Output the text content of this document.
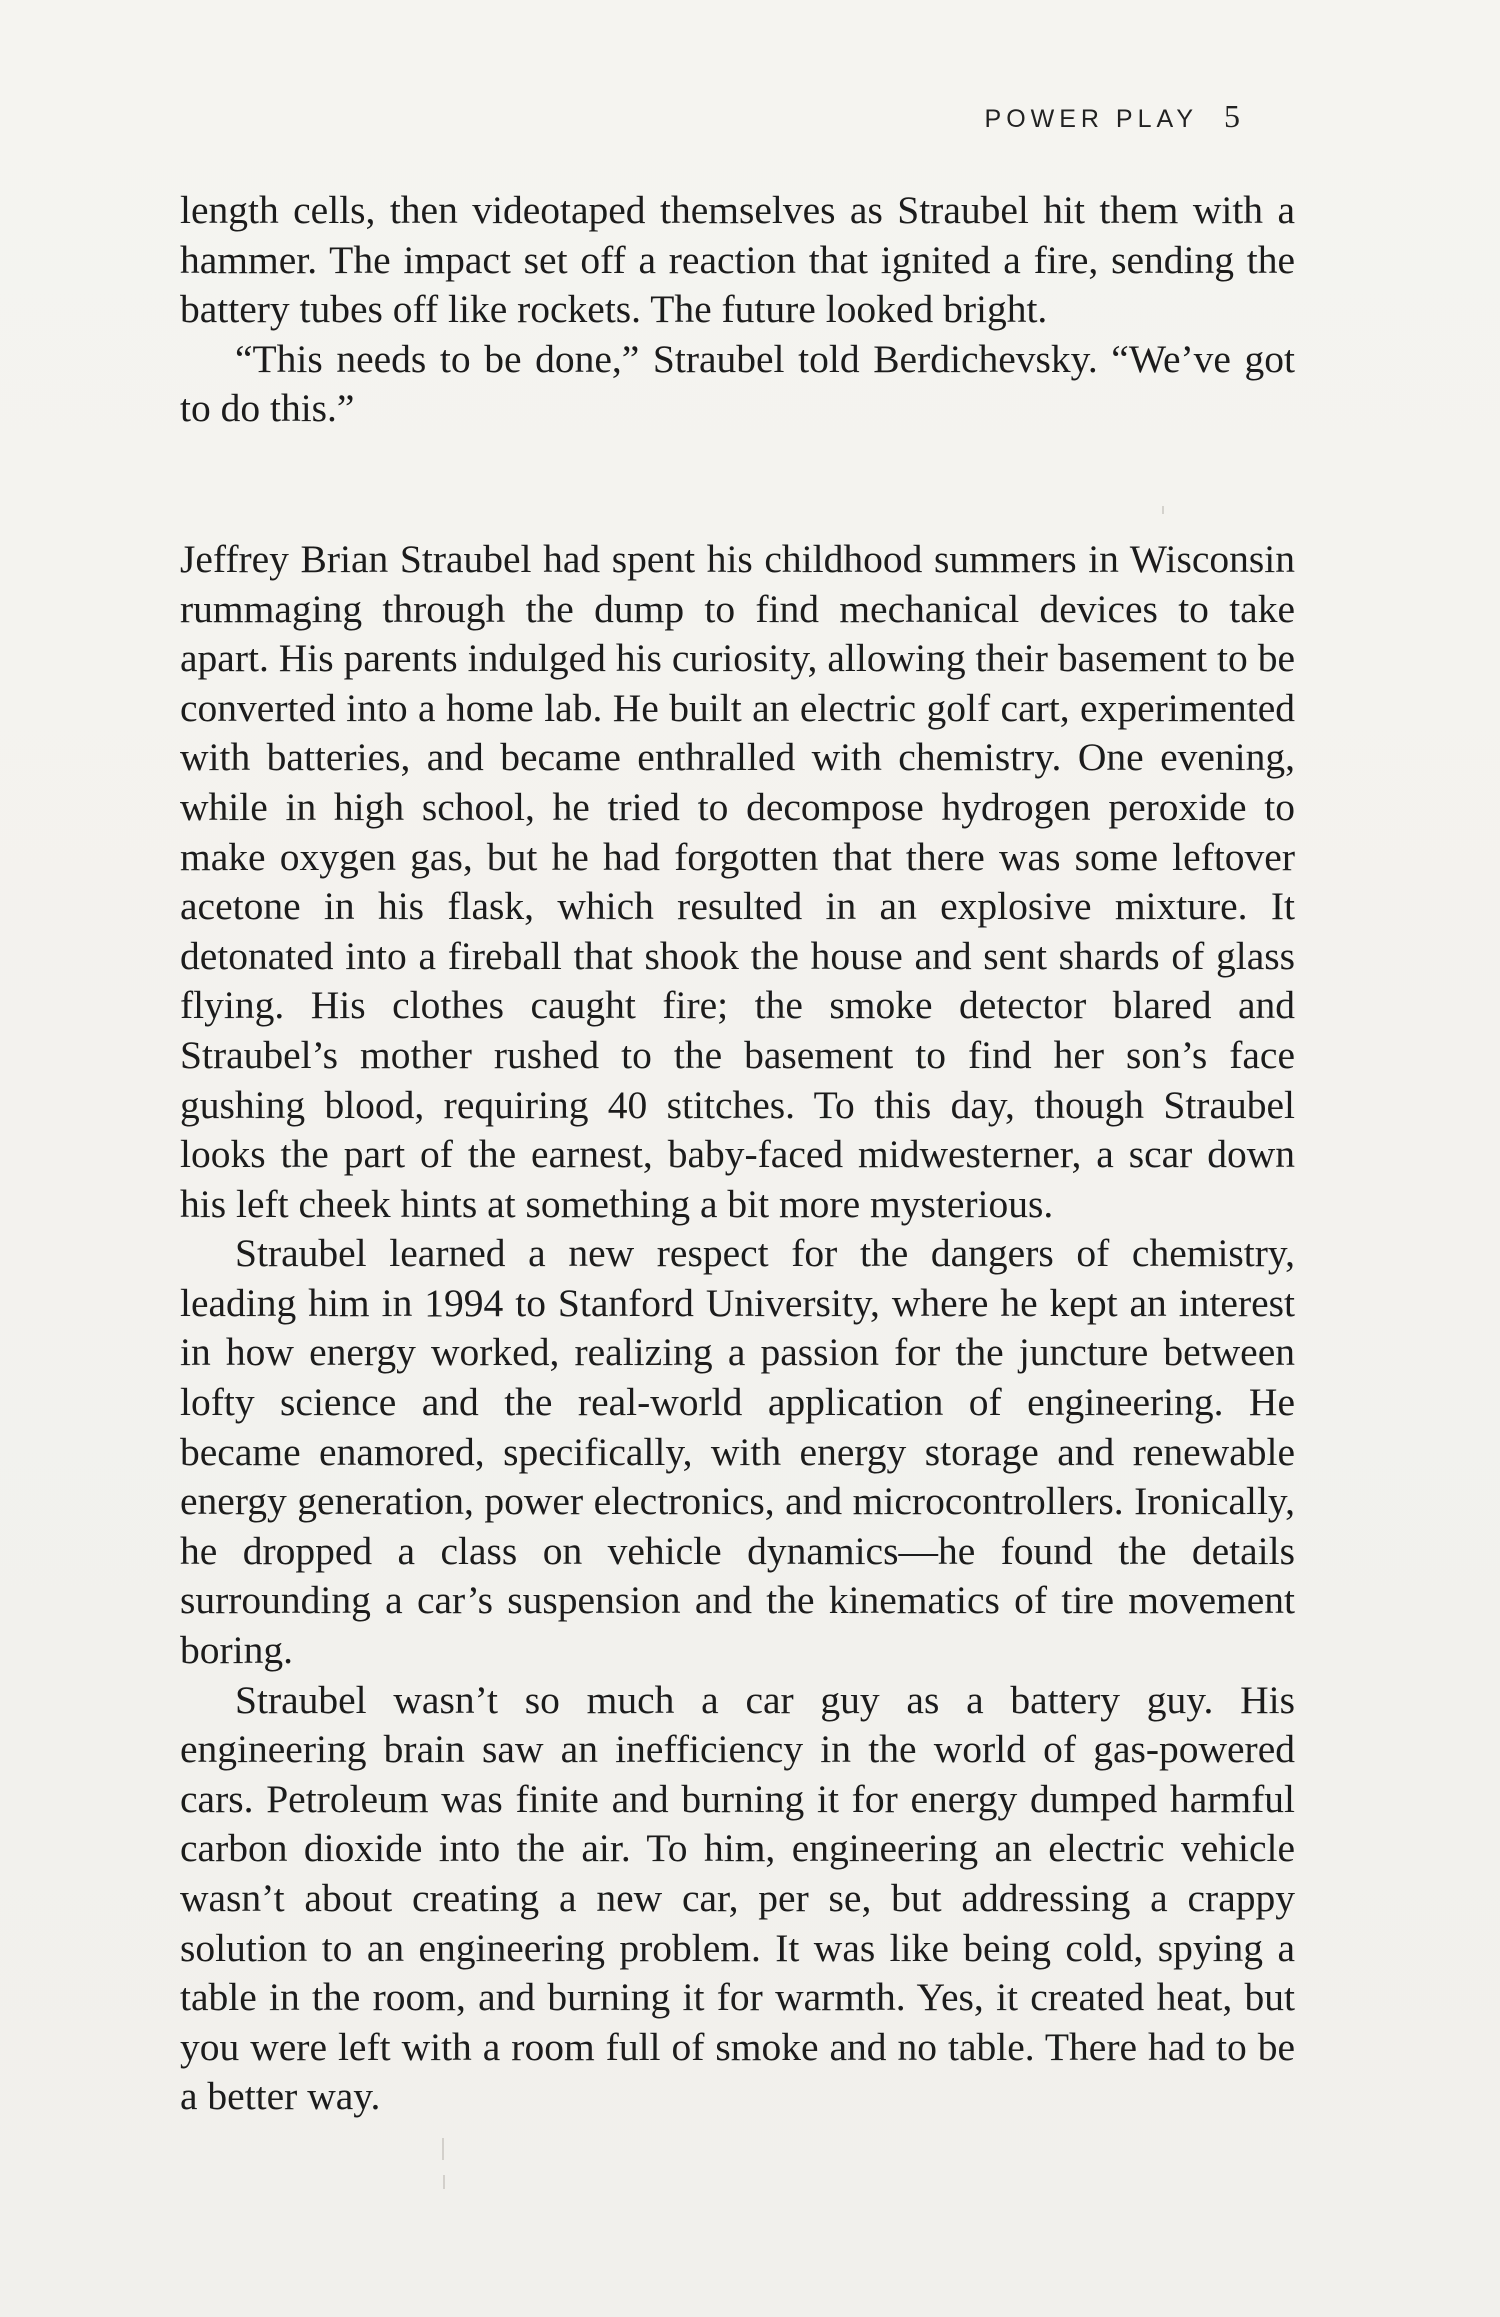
POWER PLAY 5

length cells, then videotaped themselves as Straubel hit them with a hammer. The impact set off a reaction that ignited a fire, sending the battery tubes off like rockets. The future looked bright.

“This needs to be done,” Straubel told Berdichevsky. “We’ve got to do this.”

Jeffrey Brian Straubel had spent his childhood summers in Wisconsin rummaging through the dump to find mechanical devices to take apart. His parents indulged his curiosity, allowing their basement to be converted into a home lab. He built an electric golf cart, experimented with batteries, and became enthralled with chemistry. One evening, while in high school, he tried to decompose hydrogen peroxide to make oxygen gas, but he had forgotten that there was some leftover acetone in his flask, which resulted in an explosive mixture. It detonated into a fireball that shook the house and sent shards of glass flying. His clothes caught fire; the smoke detector blared and Straubel’s mother rushed to the basement to find her son’s face gushing blood, requiring 40 stitches. To this day, though Straubel looks the part of the earnest, baby-faced midwesterner, a scar down his left cheek hints at something a bit more mysterious.

Straubel learned a new respect for the dangers of chemistry, leading him in 1994 to Stanford University, where he kept an interest in how energy worked, realizing a passion for the juncture between lofty science and the real-world application of engineering. He became enamored, specifically, with energy storage and renewable energy generation, power electronics, and microcontrollers. Ironically, he dropped a class on vehicle dynamics—he found the details surrounding a car’s suspension and the kinematics of tire movement boring.

Straubel wasn’t so much a car guy as a battery guy. His engineering brain saw an inefficiency in the world of gas-powered cars. Petroleum was finite and burning it for energy dumped harmful carbon dioxide into the air. To him, engineering an electric vehicle wasn’t about creating a new car, per se, but addressing a crappy solution to an engineering problem. It was like being cold, spying a table in the room, and burning it for warmth. Yes, it created heat, but you were left with a room full of smoke and no table. There had to be a better way.
